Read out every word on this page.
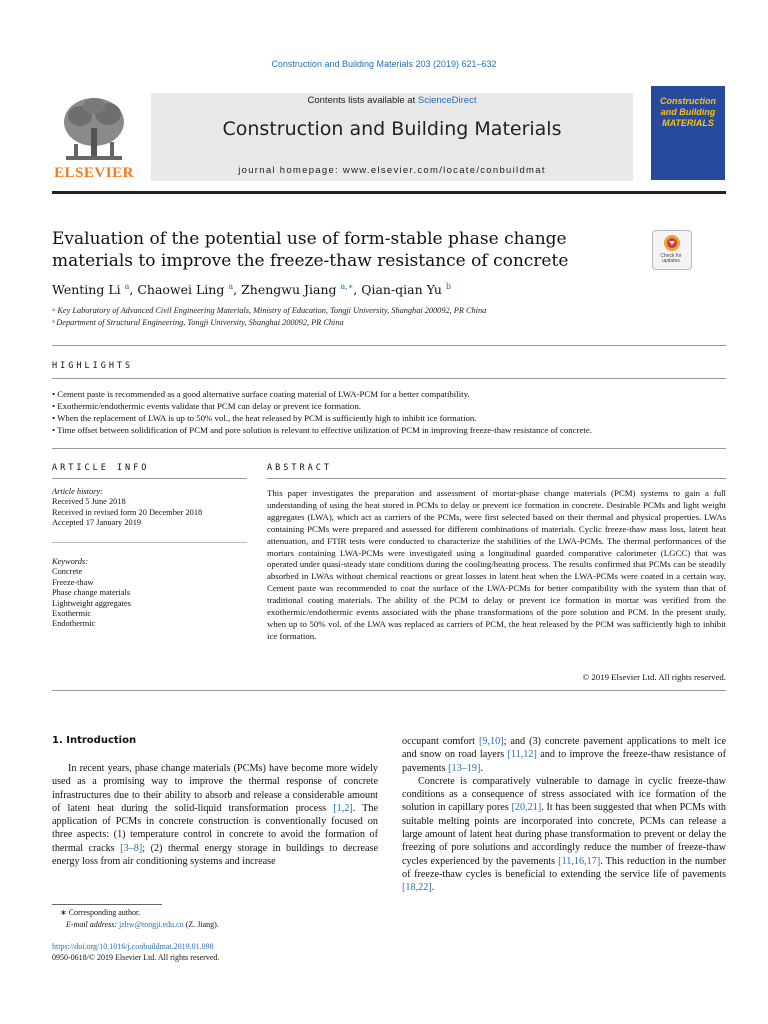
Construction and Building Materials 203 (2019) 621–632
ELSEVIER
Contents lists available at ScienceDirect
Construction and Building Materials
journal homepage: www.elsevier.com/locate/conbuildmat
Construction and Building MATERIALS
Evaluation of the potential use of form-stable phase change materials to improve the freeze-thaw resistance of concrete	Check for updates
Wenting Li $^a$, Chaowei Ling $^a$, Zhengwu Jiang $^{a,∗}$, Qian-qian Yu $^b$
ᵃ Key Laboratory of Advanced Civil Engineering Materials, Ministry of Education, Tongji University, Shanghai 200092, PR China
ᵇ Department of Structural Engineering, Tongji University, Shanghai 200092, PR China
HIGHLIGHTS
• Cement paste is recommended as a good alternative surface coating material of LWA-PCM for a better compatibility.
• Exothermic/endothermic events validate that PCM can delay or prevent ice formation.
• When the replacement of LWA is up to 50% vol., the heat released by PCM is sufficiently high to inhibit ice formation.
• Time offset between solidification of PCM and pore solution is relevant to effective utilization of PCM in improving freeze-thaw resistance of concrete.
ARTICLE INFO
Article history:
Received 5 June 2018
Received in revised form 20 December 2018
Accepted 17 January 2019
Keywords:
Concrete
Freeze-thaw
Phase change materials
Lightweight aggregates
Exothermic
Endothermic
ABSTRACT
This paper investigates the preparation and assessment of mortar-phase change materials (PCM) systems to gain a full understanding of using the heat stored in PCMs to delay or prevent ice formation in concrete. Desirable PCMs and light weight aggregates (LWA), which act as carriers of the PCMs, were first selected based on their thermal and physical properties. LWAs containing PCMs were prepared and assessed for different combinations of materials. Cyclic freeze-thaw mass loss, latent heat attenuation, and FTIR tests were conducted to characterize the stabilities of the LWA-PCMs. The thermal performances of the mortars containing LWA-PCMs were investigated using a longitudinal guarded comparative calorimeter (LGCC) that was operated under quasi-steady state conditions during the cooling/heating process. The results confirmed that PCMs can be steadily absorbed in LWAs without chemical reactions or great losses in latent heat when the LWA-PCMs were coated in a certain way. Cement paste was recommended to coat the surface of the LWA-PCMs for better compatibility with the system than that of traditional coating materials. The ability of the PCM to delay or prevent ice formation in mortar was verified from the exothermic/endothermic events associated with the phase transformations of the pore solution and PCM. In the present study, when up to 50% vol. of the LWA was replaced as carriers of PCM, the heat released by the PCM was sufficiently high to inhibit ice formation.
© 2019 Elsevier Ltd. All rights reserved.
1. Introduction
In recent years, phase change materials (PCMs) have become more widely used as a promising way to improve the thermal response of concrete infrastructures due to their ability to absorb and release a considerable amount of latent heat during the solid-liquid transformation process [1,2]. The application of PCMs in concrete construction is conventionally focused on three aspects: (1) temperature control in concrete to avoid the formation of thermal cracks [3–8]; (2) thermal energy storage in buildings to decrease energy loss from air conditioning systems and increase
occupant comfort [9,10]; and (3) concrete pavement applications to melt ice and snow on road layers [11,12] and to improve the freeze-thaw resistance of pavements [13–19].
Concrete is comparatively vulnerable to damage in cyclic freeze-thaw conditions as a consequence of stress associated with ice formation of the solution in capillary pores [20,21]. It has been suggested that when PCMs with suitable melting points are incorporated into concrete, PCMs can release a large amount of latent heat during phase transformation to prevent or delay the freezing of pore solutions and accordingly reduce the number of freeze-thaw cycles experienced by the pavements [11,16,17]. This reduction in the number of freeze-thaw cycles is beneficial to extending the service life of pavements [18,22].
∗ Corresponding author.
E-mail address: jzhw@tongji.edu.cn (Z. Jiang).
https://doi.org/10.1016/j.conbuildmat.2019.01.098
0950-0618/© 2019 Elsevier Ltd. All rights reserved.
